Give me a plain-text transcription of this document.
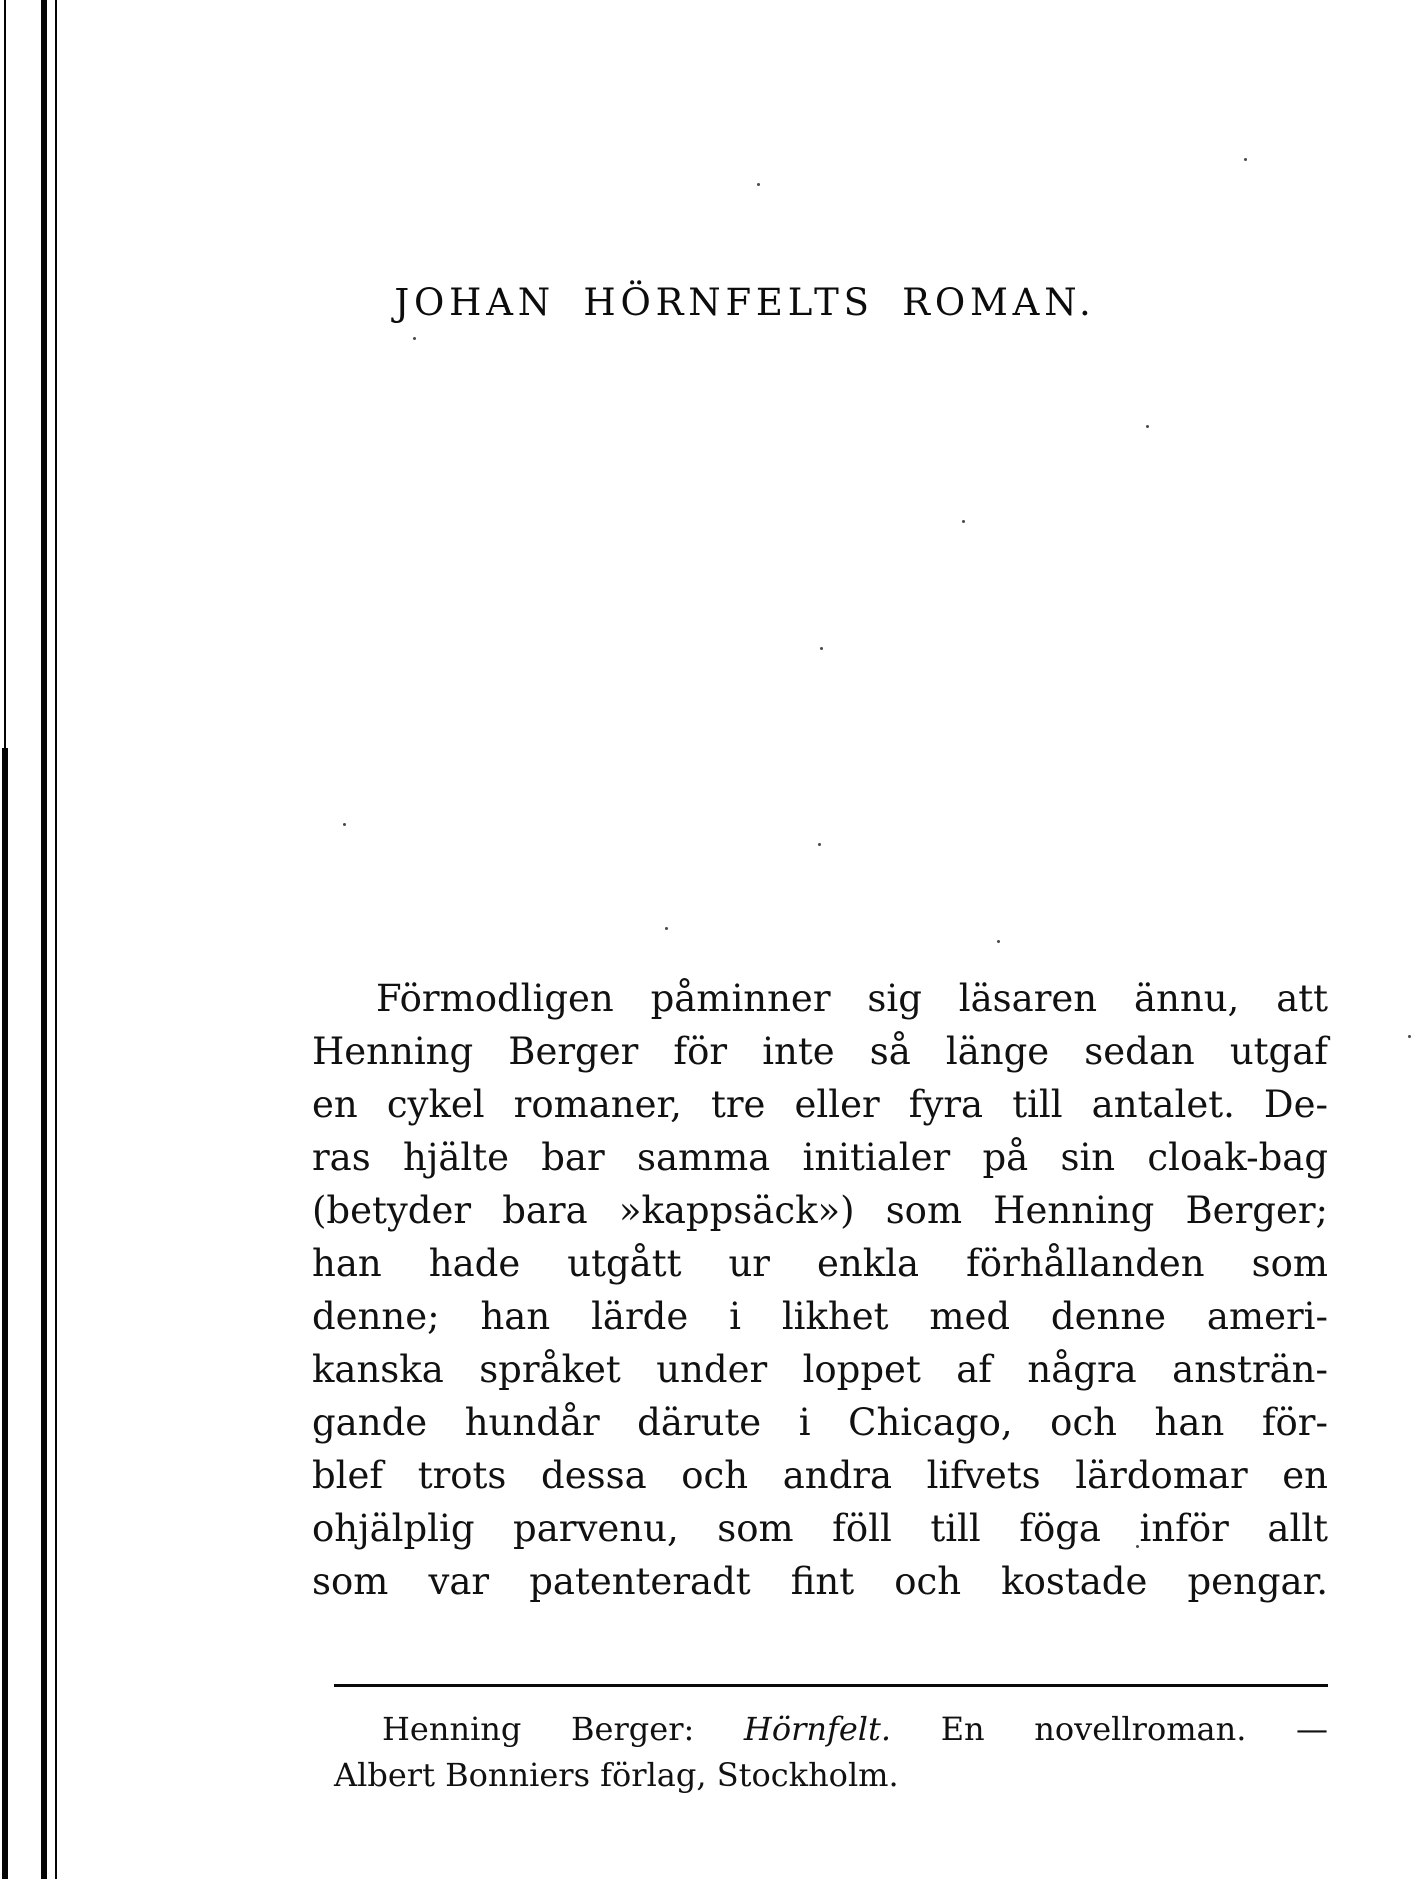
JOHAN HÖRNFELTS ROMAN.
Förmodligen påminner sig läsaren ännu, att
Henning Berger för inte så länge sedan utgaf
en cykel romaner, tre eller fyra till antalet. De-
ras hjälte bar samma initialer på sin cloak-bag
(betyder bara »kappsäck») som Henning Berger;
han hade utgått ur enkla förhållanden som
denne; han lärde i likhet med denne ameri-
kanska språket under loppet af några ansträn-
gande hundår därute i Chicago, och han för-
blef trots dessa och andra lifvets lärdomar en
ohjälplig parvenu, som föll till föga inför allt
som var patenteradt fint och kostade pengar.
Henning Berger: Hörnfelt. En novellroman. —
Albert Bonniers förlag, Stockholm.
